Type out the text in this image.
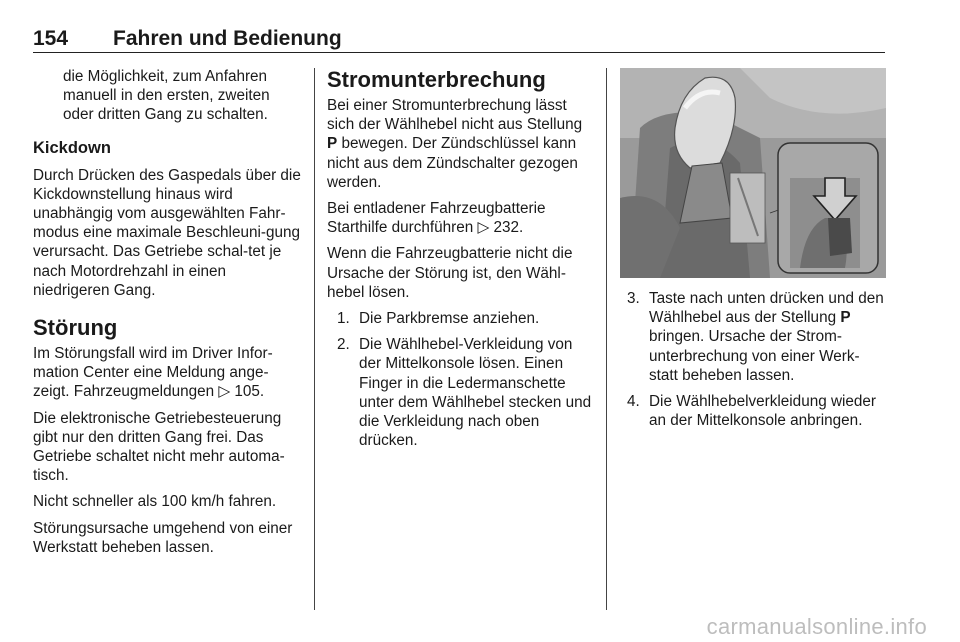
154 Fahren und Bedienung

die Möglichkeit, zum Anfahren manuell in den ersten, zweiten oder dritten Gang zu schalten.

Kickdown

Durch Drücken des Gaspedals über die Kickdownstellung hinaus wird unabhängig vom ausgewählten Fahr-modus eine maximale Beschleuni-gung verursacht. Das Getriebe schal-tet je nach Motordrehzahl in einen niedrigeren Gang.

Störung

Im Störungsfall wird im Driver Infor-mation Center eine Meldung ange-zeigt. Fahrzeugmeldungen ▷ 105.

Die elektronische Getriebesteuerung gibt nur den dritten Gang frei. Das Getriebe schaltet nicht mehr automa-tisch.

Nicht schneller als 100 km/h fahren.

Störungsursache umgehend von einer Werkstatt beheben lassen.

Stromunterbrechung

Bei einer Stromunterbrechung lässt sich der Wählhebel nicht aus Stellung P bewegen. Der Zündschlüssel kann nicht aus dem Zündschalter gezogen werden.

Bei entladener Fahrzeugbatterie Starthilfe durchführen ▷ 232.

Wenn die Fahrzeugbatterie nicht die Ursache der Störung ist, den Wähl-hebel lösen.

1. Die Parkbremse anziehen.
2. Die Wählhebel-Verkleidung von der Mittelkonsole lösen. Einen Finger in die Ledermanschette unter dem Wählhebel stecken und die Verkleidung nach oben drücken.
3. Taste nach unten drücken und den Wählhebel aus der Stellung P bringen. Ursache der Strom-unterbrechung von einer Werk-statt beheben lassen.
4. Die Wählhebelverkleidung wieder an der Mittelkonsole anbringen.
carmanualsonline.info
